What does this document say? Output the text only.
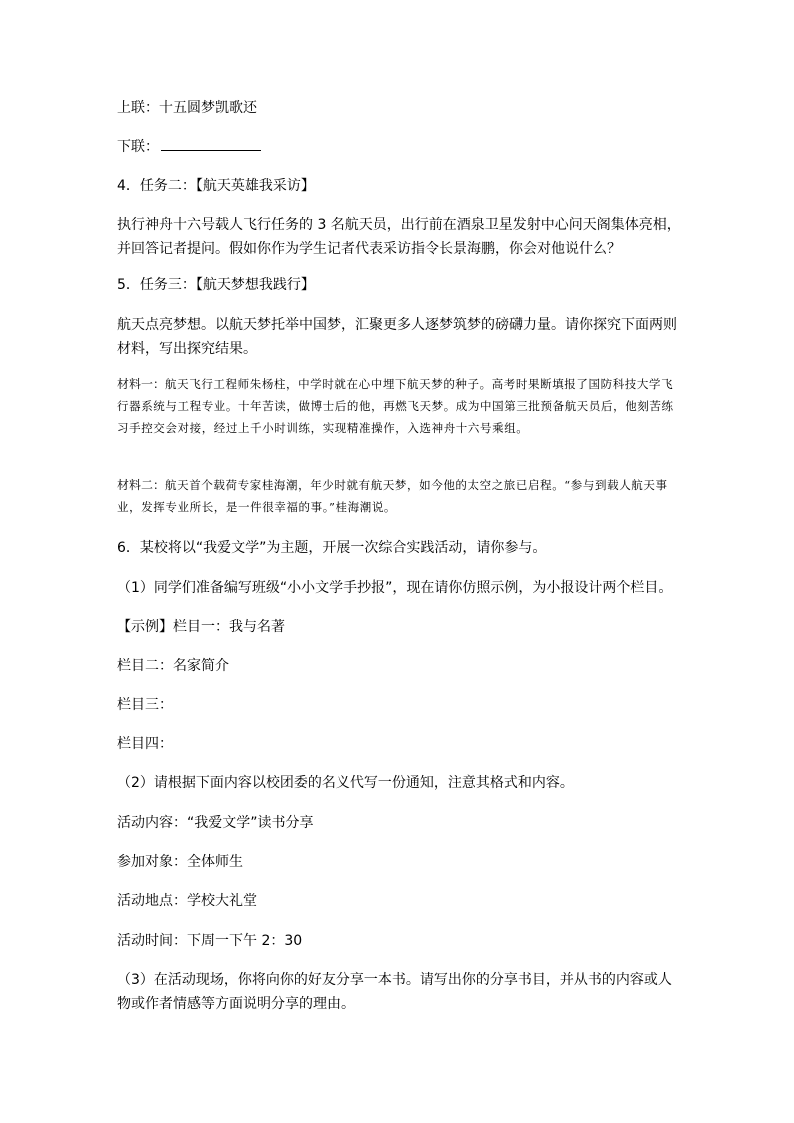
上联：十五圆梦凯歌还
下联：
4．任务二：【航天英雄我采访】
执行神舟十六号载人飞行任务的 3 名航天员，出行前在酒泉卫星发射中心问天阁集体亮相，并回答记者提问。假如你作为学生记者代表采访指令长景海鹏，你会对他说什么？
5．任务三：【航天梦想我践行】
航天点亮梦想。以航天梦托举中国梦，汇聚更多人逐梦筑梦的磅礴力量。请你探究下面两则材料，写出探究结果。
材料一：航天飞行工程师朱杨柱，中学时就在心中埋下航天梦的种子。高考时果断填报了国防科技大学飞行器系统与工程专业。十年苦读，做博士后的他，再燃飞天梦。成为中国第三批预备航天员后，他刻苦练习手控交会对接，经过上千小时训练，实现精准操作，入选神舟十六号乘组。
材料二：航天首个载荷专家桂海潮，年少时就有航天梦，如今他的太空之旅已启程。“参与到载人航天事业，发挥专业所长，是一件很幸福的事。”桂海潮说。
6．某校将以“我爱文学”为主题，开展一次综合实践活动，请你参与。
（1）同学们准备编写班级“小小文学手抄报”，现在请你仿照示例，为小报设计两个栏目。
【示例】栏目一：我与名著
栏目二：名家简介
栏目三：
栏目四：
（2）请根据下面内容以校团委的名义代写一份通知，注意其格式和内容。
活动内容：“我爱文学”读书分享
参加对象：全体师生
活动地点：学校大礼堂
活动时间：下周一下午 2：30
（3）在活动现场，你将向你的好友分享一本书。请写出你的分享书目，并从书的内容或人物或作者情感等方面说明分享的理由。
